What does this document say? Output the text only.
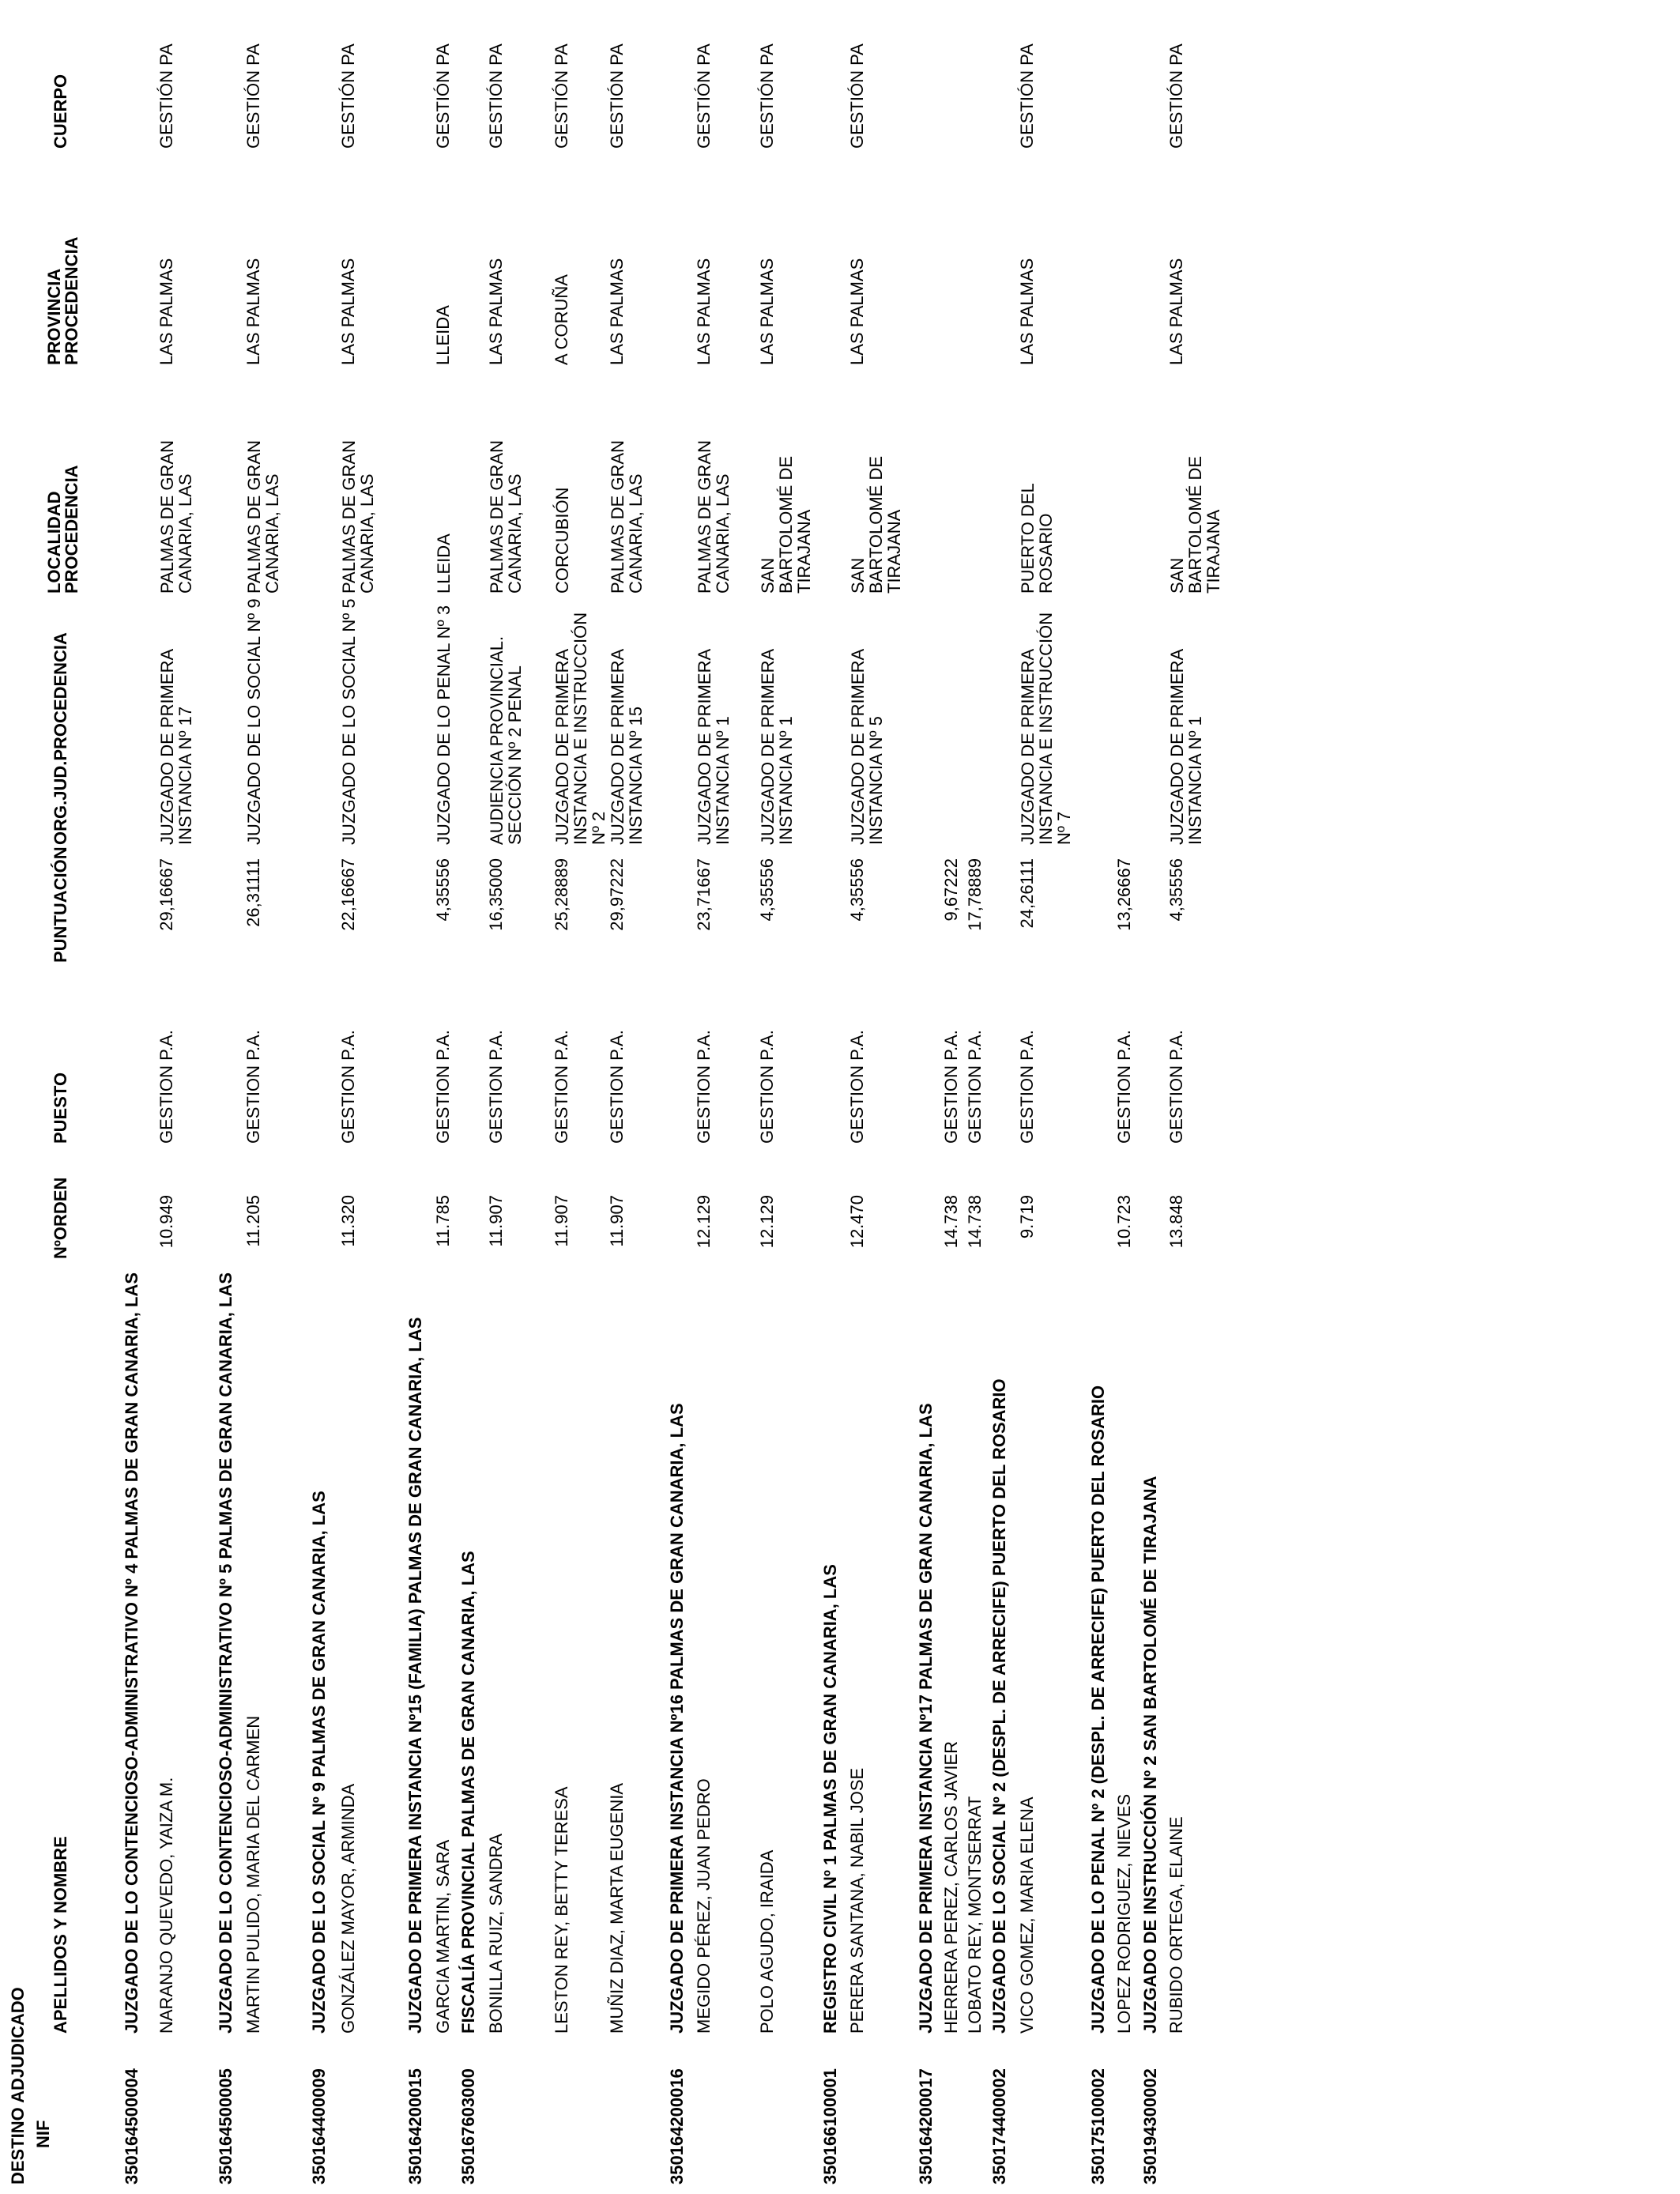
DESTINO ADJUDICADO NIF
APELLIDOS Y NOMBRE
NºORDEN
PUESTO
PUNTUACIÓN
ORG.JUD.PROCEDENCIA
LOCALIDAD
PROCEDENCIA
PROVINCIA
PROCEDENCIA
CUERPO
350164500004
JUZGADO DE LO CONTENCIOSO-ADMINISTRATIVO Nº 4 PALMAS DE GRAN CANARIA, LAS NARANJO QUEVEDO, YAIZA M.
10.949
GESTION P.A.
29,16667
JUZGADO DE PRIMERA INSTANCIA Nº 17
PALMAS DE GRAN CANARIA, LAS
LAS PALMAS
GESTIÓN PA
350164500005
JUZGADO DE LO CONTENCIOSO-ADMINISTRATIVO Nº 5 PALMAS DE GRAN CANARIA, LAS MARTIN PULIDO, MARIA DEL CARMEN
11.205
GESTION P.A.
26,31111
JUZGADO DE LO SOCIAL Nº 9
PALMAS DE GRAN CANARIA, LAS
LAS PALMAS
GESTIÓN PA
350164400009
JUZGADO DE LO SOCIAL Nº 9 PALMAS DE GRAN CANARIA, LAS GONZÁLEZ MAYOR, ARMINDA
11.320
GESTION P.A.
22,16667
JUZGADO DE LO SOCIAL Nº 5
PALMAS DE GRAN CANARIA, LAS
LAS PALMAS
GESTIÓN PA
350164200015
JUZGADO DE PRIMERA INSTANCIA Nº15 (FAMILIA) PALMAS DE GRAN CANARIA, LAS GARCIA MARTIN, SARA
11.785
GESTION P.A.
4,35556
JUZGADO DE LO PENAL Nº 3
LLEIDA
LLEIDA
GESTIÓN PA
350167603000
FISCALÍA PROVINCIAL PALMAS DE GRAN CANARIA, LAS BONILLA RUIZ, SANDRA
11.907
GESTION P.A.
16,35000
AUDIENCIA PROVINCIAL. SECCIÓN Nº 2 PENAL
PALMAS DE GRAN CANARIA, LAS
LAS PALMAS
GESTIÓN PA
LESTON REY, BETTY TERESA
11.907
GESTION P.A.
25,28889
JUZGADO DE PRIMERA INSTANCIA E INSTRUCCIÓN Nº 2
CORCUBIÓN
A CORUÑA
GESTIÓN PA
MUÑIZ DIAZ, MARTA EUGENIA
11.907
GESTION P.A.
29,97222
JUZGADO DE PRIMERA INSTANCIA Nº 15
PALMAS DE GRAN CANARIA, LAS
LAS PALMAS
GESTIÓN PA
350164200016
JUZGADO DE PRIMERA INSTANCIA Nº16 PALMAS DE GRAN CANARIA, LAS MEGIDO PÉREZ, JUAN PEDRO
12.129
GESTION P.A.
23,71667
JUZGADO DE PRIMERA INSTANCIA Nº 1
PALMAS DE GRAN CANARIA, LAS
LAS PALMAS
GESTIÓN PA
POLO AGUDO, IRAIDA
12.129
GESTION P.A.
4,35556
JUZGADO DE PRIMERA INSTANCIA Nº 1
SAN BARTOLOMÉ DE TIRAJANA
LAS PALMAS
GESTIÓN PA
350166100001
REGISTRO CIVIL Nº 1 PALMAS DE GRAN CANARIA, LAS PERERA SANTANA, NABIL JOSE
12.470
GESTION P.A.
4,35556
JUZGADO DE PRIMERA INSTANCIA Nº 5
SAN BARTOLOMÉ DE TIRAJANA
LAS PALMAS
GESTIÓN PA
350164200017
JUZGADO DE PRIMERA INSTANCIA Nº17 PALMAS DE GRAN CANARIA, LAS HERRERA PEREZ, CARLOS JAVIER
14.738
GESTION P.A.
9,67222
LOBATO REY, MONTSERRAT
14.738
GESTION P.A.
17,78889
350174400002
JUZGADO DE LO SOCIAL Nº 2 (DESPL. DE ARRECIFE) PUERTO DEL ROSARIO VICO GOMEZ, MARIA ELENA
9.719
GESTION P.A.
24,26111
JUZGADO DE PRIMERA INSTANCIA E INSTRUCCIÓN Nº 7
PUERTO DEL ROSARIO
LAS PALMAS
GESTIÓN PA
350175100002
JUZGADO DE LO PENAL Nº 2 (DESPL. DE ARRECIFE) PUERTO DEL ROSARIO LOPEZ RODRIGUEZ, NIEVES
10.723
GESTION P.A.
13,26667
350194300002
JUZGADO DE INSTRUCCIÓN Nº 2 SAN BARTOLOMÉ DE TIRAJANA RUBIDO ORTEGA, ELAINE
13.848
GESTION P.A.
4,35556
JUZGADO DE PRIMERA INSTANCIA Nº 1
SAN BARTOLOMÉ DE TIRAJANA
LAS PALMAS
GESTIÓN PA
